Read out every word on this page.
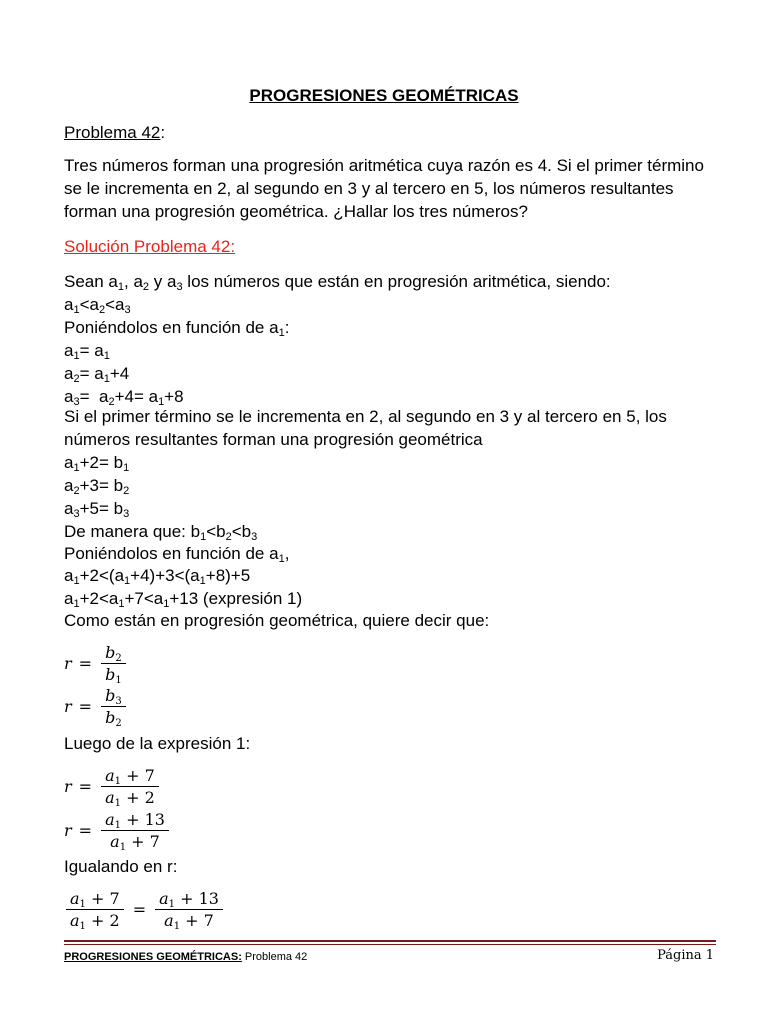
PROGRESIONES GEOMÉTRICAS
Problema 42:
Tres números forman una progresión aritmética cuya razón es 4. Si el primer término se le incrementa en 2, al segundo en 3 y al tercero en 5, los números resultantes forman una progresión geométrica. ¿Hallar los tres números?
Solución Problema 42:
Sean $a_1$, $a_2$ y $a_3$ los números que están en progresión aritmética, siendo:
$a_1<a_2<a_3$
Poniéndolos en función de $a_1$:
$a_1= a_1$
$a_2= a_1+4$
$a_3= a_2+4= a_1+8$
Si el primer término se le incrementa en 2, al segundo en 3 y al tercero en 5, los números resultantes forman una progresión geométrica
$a_1+2= b_1$
$a_2+3= b_2$
$a_3+5= b_3$
De manera que: $b_1<b_2<b_3$
Poniéndolos en función de $a_1$,
$a_1+2<(a_1+4)+3<(a_1+8)+5$
$a_1+2<a_1+7<a_1+13$ (expresión 1)
Como están en progresión geométrica, quiere decir que:
$r = \frac{b_2}{b_1}$
$r = \frac{b_3}{b_2}$
Luego de la expresión 1:
$r = \frac{a_1 + 7}{a_1 + 2}$
$r = \frac{a_1 + 13}{a_1 + 7}$
Igualando en r:
$\frac{a_1 + 7}{a_1 + 2} = \frac{a_1 + 13}{a_1 + 7}$
PROGRESIONES GEOMÉTRICAS: Problema 42	Página 1
